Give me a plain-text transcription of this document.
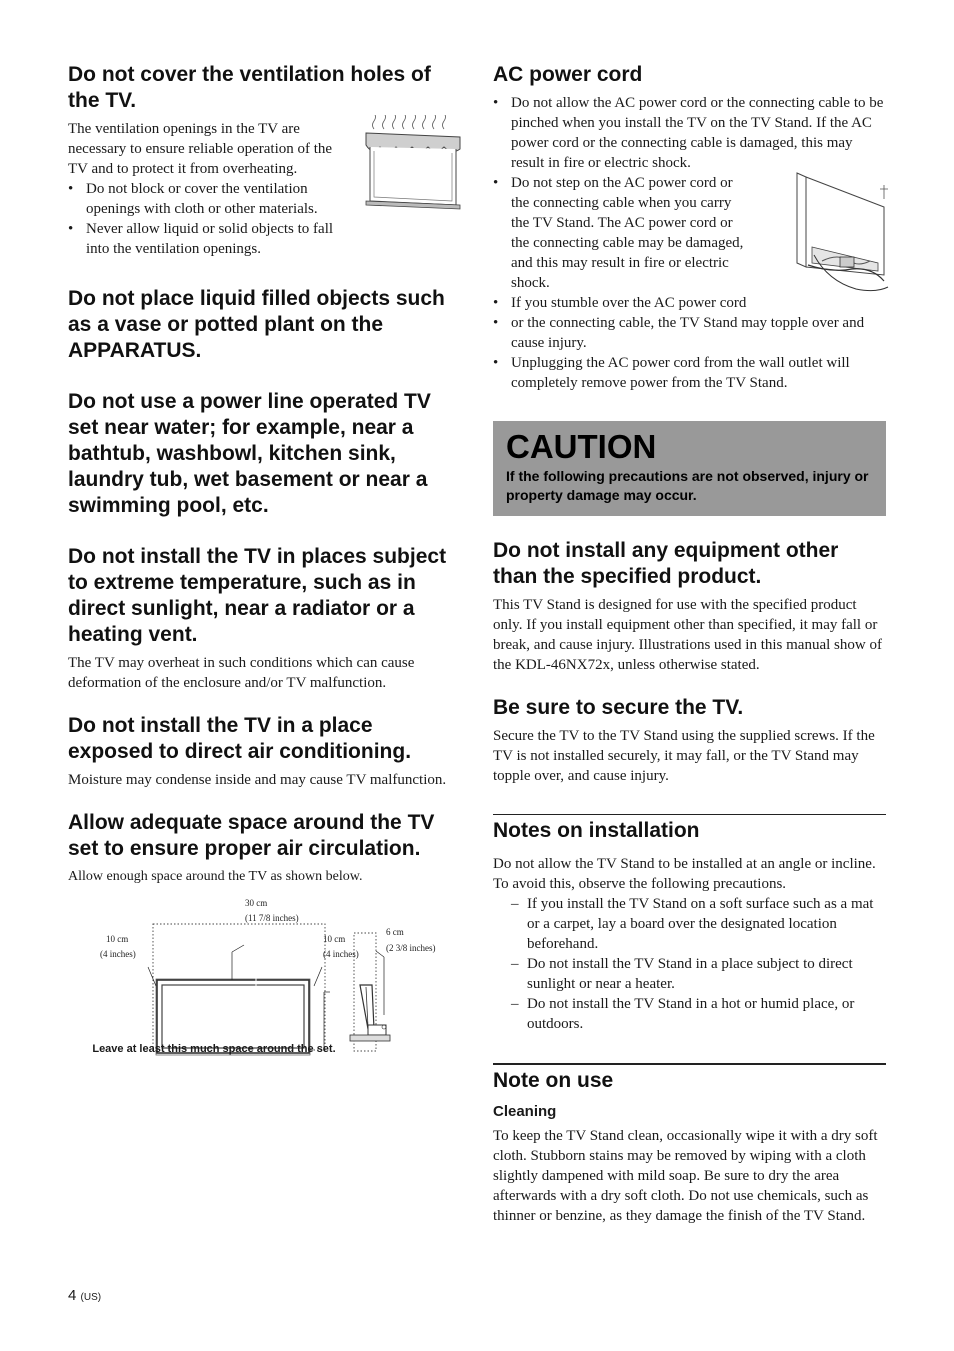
Do not cover the ventilation holes of the TV.

The ventilation openings in the TV are necessary to ensure reliable operation of the TV and to protect it from overheating.

• Do not block or cover the ventilation openings with cloth or other materials.
• Never allow liquid or solid objects to fall into the ventilation openings.
Do not place liquid filled objects such as a vase or potted plant on the APPARATUS.
Do not use a power line operated TV set near water; for example, near a bathtub, washbowl, kitchen sink, laundry tub, wet basement or near a swimming pool, etc.
Do not install the TV in places subject to extreme temperature, such as in direct sunlight, near a radiator or a heating vent.

The TV may overheat in such conditions which can cause deformation of the enclosure and/or TV malfunction.

Do not install the TV in a place exposed to direct air conditioning.

Moisture may condense inside and may cause TV malfunction.

Allow adequate space around the TV set to ensure proper air circulation.

Allow enough space around the TV as shown below.

30 cm
(11 7/8 inches)
10 cm
(4 inches)
10 cm
(4 inches)
6 cm
(2 3/8 inches)
Leave at least this much space around the set.
AC power cord
• Do not allow the AC power cord or the connecting cable to be pinched when you install the TV on the TV Stand. If the AC power cord or the connecting cable is damaged, this may result in fire or electric shock.
• Do not step on the AC power cord or the connecting cable when you carry the TV Stand. The AC power cord or the connecting cable may be damaged, and this may result in fire or electric shock.
• If you stumble over the AC power cord
• or the connecting cable, the TV Stand may topple over and cause injury.
• Unplugging the AC power cord from the wall outlet will completely remove power from the TV Stand.
CAUTION
If the following precautions are not observed, injury or property damage may occur.
Do not install any equipment other than the specified product.

This TV Stand is designed for use with the specified product only. If you install equipment other than specified, it may fall or break, and cause injury. Illustrations used in this manual show of the KDL-46NX72x, unless otherwise stated.

Be sure to secure the TV.

Secure the TV to the TV Stand using the supplied screws. If the TV is not installed securely, it may fall, or the TV Stand may topple over, and cause injury.

Notes on installation

Do not allow the TV Stand to be installed at an angle or incline. To avoid this, observe the following precautions.

– If you install the TV Stand on a soft surface such as a mat or a carpet, lay a board over the designated location beforehand.
– Do not install the TV Stand in a place subject to direct sunlight or near a heater.
– Do not install the TV Stand in a hot or humid place, or outdoors.
Note on use
Cleaning

To keep the TV Stand clean, occasionally wipe it with a dry soft cloth. Stubborn stains may be removed by wiping with a cloth slightly dampened with mild soap. Be sure to dry the area afterwards with a dry soft cloth. Do not use chemicals, such as thinner or benzine, as they damage the finish of the TV Stand.

4 (US)
